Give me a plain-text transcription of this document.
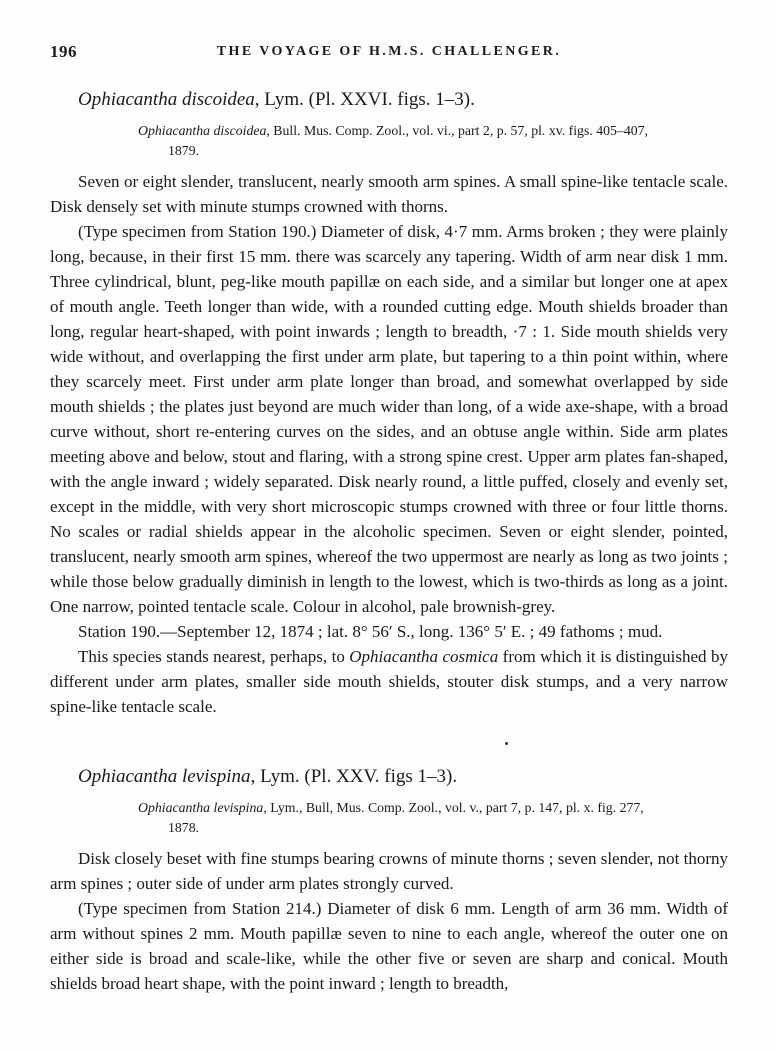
196	THE VOYAGE OF H.M.S. CHALLENGER.
Ophiacantha discoidea, Lym. (Pl. XXVI. figs. 1–3).
Ophiacantha discoidea, Bull. Mus. Comp. Zool., vol. vi., part 2, p. 57, pl. xv. figs. 405–407,
1879.

Seven or eight slender, translucent, nearly smooth arm spines. A small spine-like tentacle scale. Disk densely set with minute stumps crowned with thorns.

(Type specimen from Station 190.) Diameter of disk, 4·7 mm. Arms broken ; they were plainly long, because, in their first 15 mm. there was scarcely any tapering. Width of arm near disk 1 mm. Three cylindrical, blunt, peg-like mouth papillæ on each side, and a similar but longer one at apex of mouth angle. Teeth longer than wide, with a rounded cutting edge. Mouth shields broader than long, regular heart-shaped, with point inwards ; length to breadth, ·7 : 1. Side mouth shields very wide without, and overlapping the first under arm plate, but tapering to a thin point within, where they scarcely meet. First under arm plate longer than broad, and somewhat overlapped by side mouth shields ; the plates just beyond are much wider than long, of a wide axe-shape, with a broad curve without, short re-entering curves on the sides, and an obtuse angle within. Side arm plates meeting above and below, stout and flaring, with a strong spine crest. Upper arm plates fan-shaped, with the angle inward ; widely separated. Disk nearly round, a little puffed, closely and evenly set, except in the middle, with very short microscopic stumps crowned with three or four little thorns. No scales or radial shields appear in the alcoholic specimen. Seven or eight slender, pointed, translucent, nearly smooth arm spines, whereof the two uppermost are nearly as long as two joints ; while those below gradually diminish in length to the lowest, which is two-thirds as long as a joint. One narrow, pointed tentacle scale. Colour in alcohol, pale brownish-grey.

Station 190.—September 12, 1874 ; lat. 8° 56′ S., long. 136° 5′ E. ; 49 fathoms ; mud.

This species stands nearest, perhaps, to Ophiacantha cosmica from which it is distinguished by different under arm plates, smaller side mouth shields, stouter disk stumps, and a very narrow spine-like tentacle scale.

Ophiacantha levispina, Lym. (Pl. XXV. figs 1–3).
Ophiacantha levispina, Lym., Bull, Mus. Comp. Zool., vol. v., part 7, p. 147, pl. x. fig. 277,
1878.

Disk closely beset with fine stumps bearing crowns of minute thorns ; seven slender, not thorny arm spines ; outer side of under arm plates strongly curved.

(Type specimen from Station 214.) Diameter of disk 6 mm. Length of arm 36 mm. Width of arm without spines 2 mm. Mouth papillæ seven to nine to each angle, whereof the outer one on either side is broad and scale-like, while the other five or seven are sharp and conical. Mouth shields broad heart shape, with the point inward ; length to breadth,
